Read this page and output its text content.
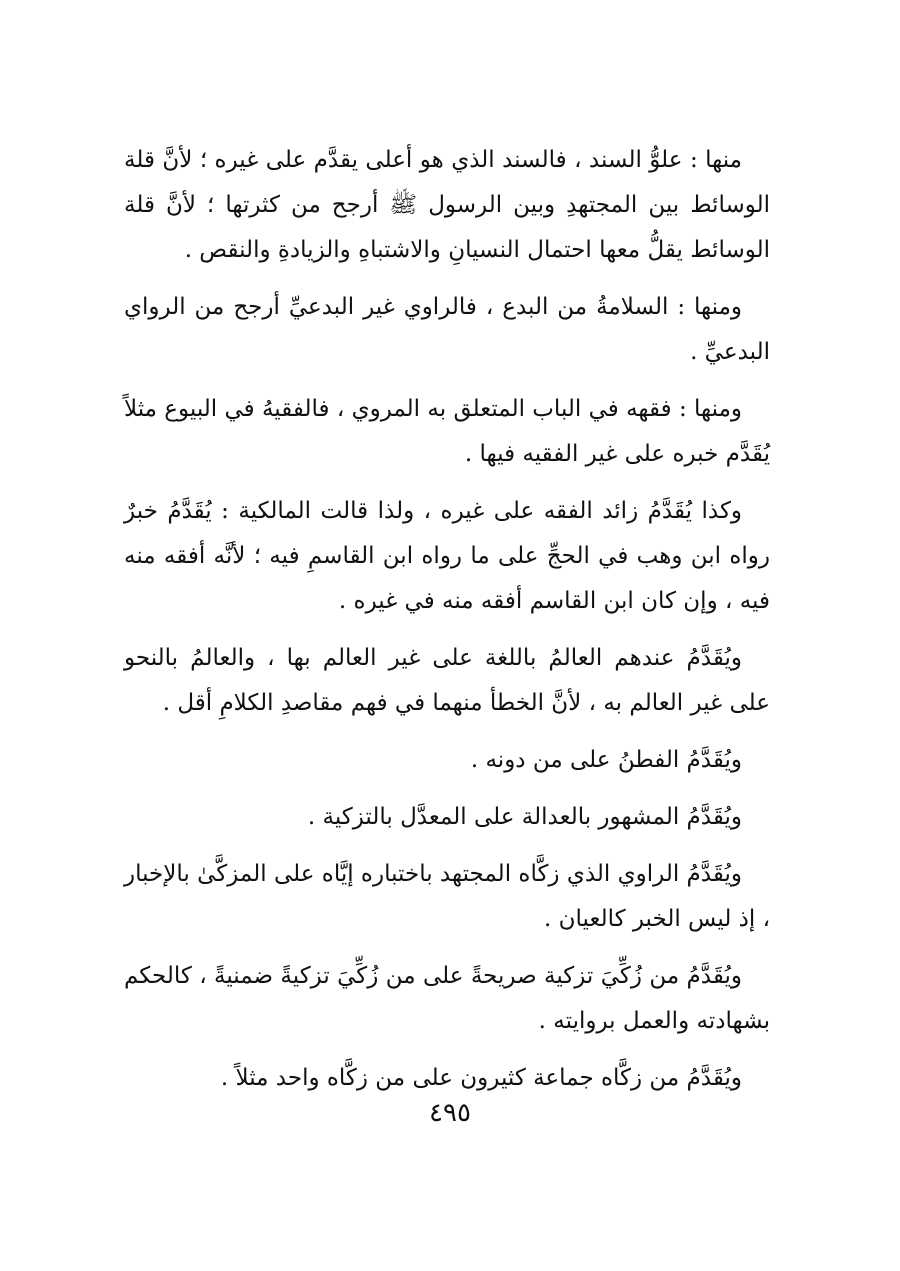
منها : علوُّ السند ، فالسند الذي هو أعلى يقدَّم على غيره ؛ لأنَّ قلة الوسائط بين المجتهدِ وبين الرسول ﷺ أرجح من كثرتها ؛ لأنَّ قلة الوسائط يقلُّ معها احتمال النسيانِ والاشتباهِ والزيادةِ والنقص .

ومنها : السلامةُ من البدع ، فالراوي غير البدعيِّ أرجح من الرواي البدعيِّ .

ومنها : فقهه في الباب المتعلق به المروي ، فالفقيهُ في البيوع مثلاً يُقَدَّم خبره على غير الفقيه فيها .

وكذا يُقَدَّمُ زائد الفقه على غيره ، ولذا قالت المالكية : يُقَدَّمُ خبرٌ رواه ابن وهب في الحجِّ على ما رواه ابن القاسمِ فيه ؛ لأنَّه أفقه منه فيه ، وإن كان ابن القاسم أفقه منه في غيره .

ويُقَدَّمُ عندهم العالمُ باللغة على غير العالم بها ، والعالمُ بالنحو على غير العالم به ، لأنَّ الخطأ منهما في فهم مقاصدِ الكلامِ أقل .

ويُقَدَّمُ الفطنُ على من دونه .

ويُقَدَّمُ المشهور بالعدالة على المعدَّل بالتزكية .

ويُقَدَّمُ الراوي الذي زكَّاه المجتهد باختباره إيَّاه على المزكَّىٰ بالإخبار ، إذ ليس الخبر كالعيان .

ويُقَدَّمُ من زُكِّيَ تزكية صريحةً على من زُكِّيَ تزكيةً ضمنيةً ، كالحكم بشهادته والعمل بروايته .

ويُقَدَّمُ من زكَّاه جماعة كثيرون على من زكَّاه واحد مثلاً .

٤٩٥
